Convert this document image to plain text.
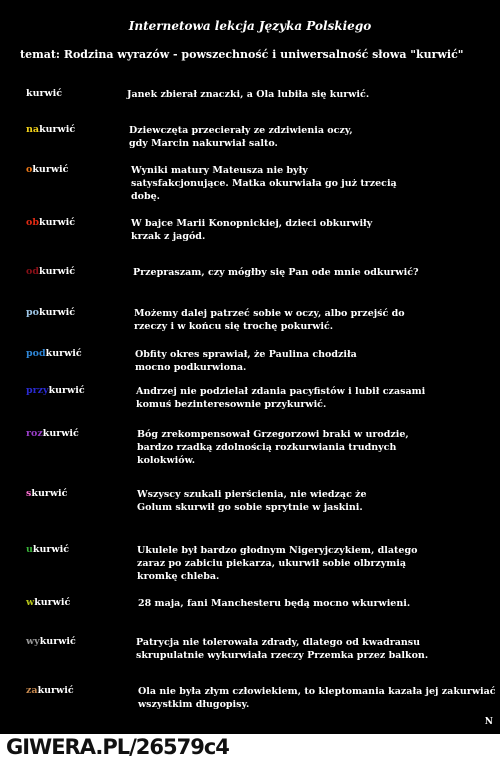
Internetowa lekcja Języka Polskiego
temat: Rodzina wyrazów - powszechność i uniwersalność słowa "kurwić"
kurwić	Janek zbierał znaczki, a Ola lubiła się kurwić.
nakurwić	Dziewczęta przecierały ze zdziwienia oczy,
gdy Marcin nakurwiał salto.
okurwić	Wyniki matury Mateusza nie były
satysfakcjonujące. Matka okurwiała go już trzecią
dobę.
obkurwić	W bajce Marii Konopnickiej, dzieci obkurwiły
krzak z jagód.
odkurwić	Przepraszam, czy mógłby się Pan ode mnie odkurwić?
pokurwić	Możemy dalej patrzeć sobie w oczy, albo przejść do
rzeczy i w końcu się trochę pokurwić.
podkurwić	Obfity okres sprawiał, że Paulina chodziła
mocno podkurwiona.
przykurwić	Andrzej nie podzielał zdania pacyfistów i lubił czasami
komuś bezinteresownie przykurwić.
rozkurwić	Bóg zrekompensował Grzegorzowi braki w urodzie,
bardzo rzadką zdolnością rozkurwiania trudnych
kolokwiów.
skurwić	Wszyscy szukali pierścienia, nie wiedząc że
Golum skurwił go sobie sprytnie w jaskini.
ukurwić	Ukulele był bardzo głodnym Nigeryjczykiem, dlatego
zaraz po zabiciu piekarza, ukurwił sobie olbrzymią
kromkę chleba.
wkurwić	28 maja, fani Manchesteru będą mocno wkurwieni.
wykurwić	Patrycja nie tolerowała zdrady, dlatego od kwadransu
skrupulatnie wykurwiała rzeczy Przemka przez balkon.
zakurwić	Ola nie była złym człowiekiem, to kleptomania kazała jej zakurwiać
wszystkim długopisy.
N
GIWERA.PL/26579c4
